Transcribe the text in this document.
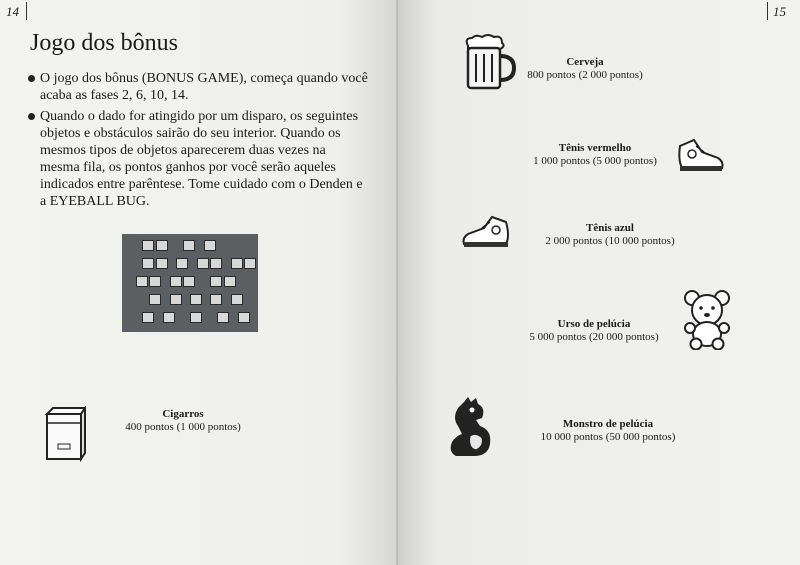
14
Jogo dos bônus
O jogo dos bônus (BONUS GAME), começa quando você acaba as fases 2, 6, 10, 14.
Quando o dado for atingido por um disparo, os seguintes objetos e obstáculos sairão do seu interior. Quando os mesmos tipos de objetos aparecerem duas vezes na mesma fila, os pontos ganhos por você serão aqueles indicados entre parêntese. Tome cuidado com o Denden e a EYEBALL BUG.
Cigarros
400 pontos (1 000 pontos)
15
Cerveja
800 pontos (2 000 pontos)
Tênis vermelho
1 000 pontos (5 000 pontos)
Tênis azul
2 000 pontos (10 000 pontos)
Urso de pelúcia
5 000 pontos (20 000 pontos)
Monstro de pelúcia
10 000 pontos (50 000 pontos)
